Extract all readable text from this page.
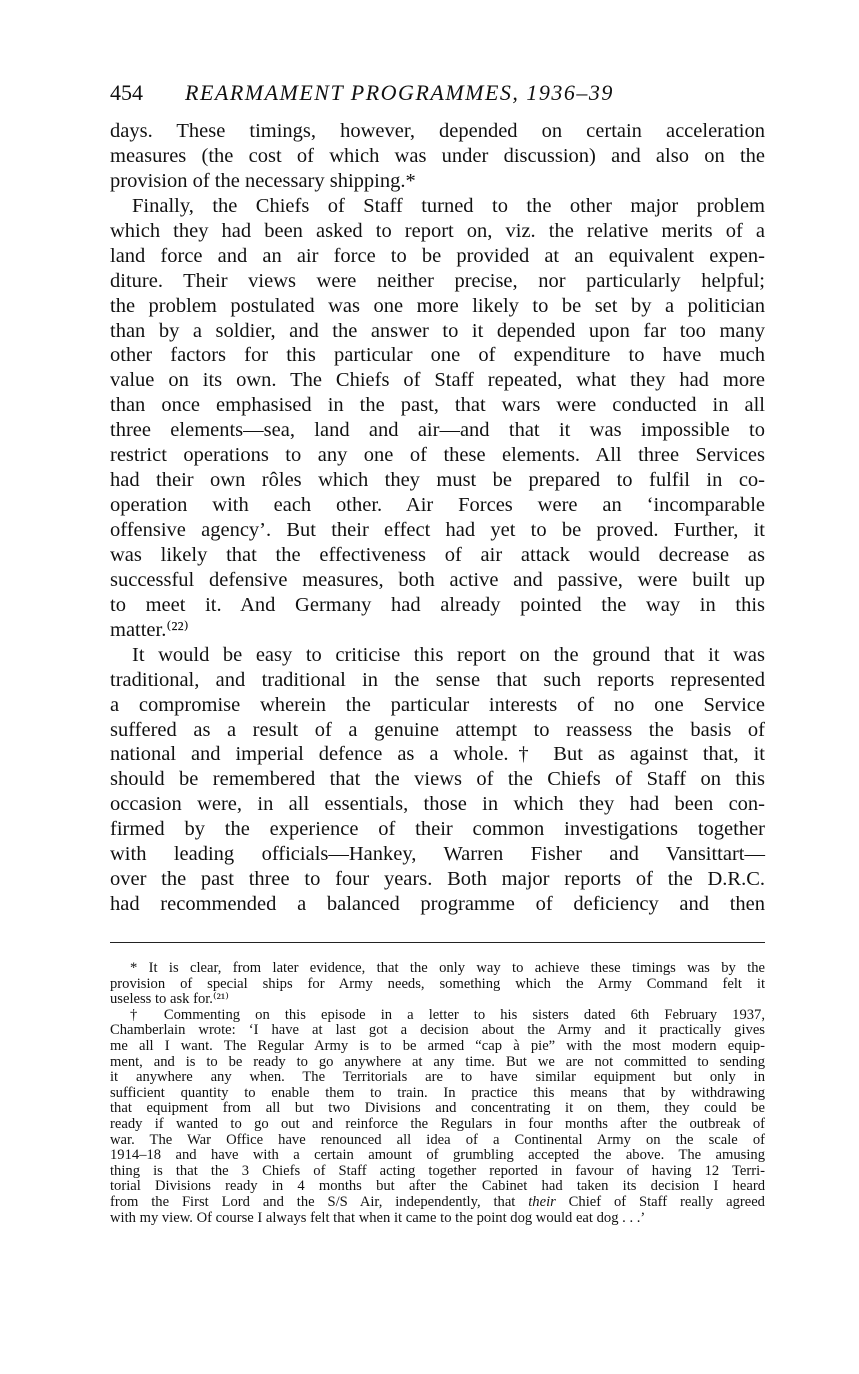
454 REARMAMENT PROGRAMMES, 1936–39
days. These timings, however, depended on certain acceleration
measures (the cost of which was under discussion) and also on the
provision of the necessary shipping.*
Finally, the Chiefs of Staff turned to the other major problem
which they had been asked to report on, viz. the relative merits of a
land force and an air force to be provided at an equivalent expen-
diture. Their views were neither precise, nor particularly helpful;
the problem postulated was one more likely to be set by a politician
than by a soldier, and the answer to it depended upon far too many
other factors for this particular one of expenditure to have much
value on its own. The Chiefs of Staff repeated, what they had more
than once emphasised in the past, that wars were conducted in all
three elements—sea, land and air—and that it was impossible to
restrict operations to any one of these elements. All three Services
had their own rôles which they must be prepared to fulfil in co-
operation with each other. Air Forces were an ‘incomparable
offensive agency’. But their effect had yet to be proved. Further, it
was likely that the effectiveness of air attack would decrease as
successful defensive measures, both active and passive, were built up
to meet it. And Germany had already pointed the way in this
matter.⁽²²⁾
It would be easy to criticise this report on the ground that it was
traditional, and traditional in the sense that such reports represented
a compromise wherein the particular interests of no one Service
suffered as a result of a genuine attempt to reassess the basis of
national and imperial defence as a whole.† But as against that, it
should be remembered that the views of the Chiefs of Staff on this
occasion were, in all essentials, those in which they had been con-
firmed by the experience of their common investigations together
with leading officials—Hankey, Warren Fisher and Vansittart—
over the past three to four years. Both major reports of the D.R.C.
had recommended a balanced programme of deficiency and then
* It is clear, from later evidence, that the only way to achieve these timings was by the
provision of special ships for Army needs, something which the Army Command felt it
useless to ask for.⁽²¹⁾
† Commenting on this episode in a letter to his sisters dated 6th February 1937,
Chamberlain wrote: ‘I have at last got a decision about the Army and it practically gives
me all I want. The Regular Army is to be armed “cap à pie” with the most modern equip-
ment, and is to be ready to go anywhere at any time. But we are not committed to sending
it anywhere any when. The Territorials are to have similar equipment but only in
sufficient quantity to enable them to train. In practice this means that by withdrawing
that equipment from all but two Divisions and concentrating it on them, they could be
ready if wanted to go out and reinforce the Regulars in four months after the outbreak of
war. The War Office have renounced all idea of a Continental Army on the scale of
1914–18 and have with a certain amount of grumbling accepted the above. The amusing
thing is that the 3 Chiefs of Staff acting together reported in favour of having 12 Terri-
torial Divisions ready in 4 months but after the Cabinet had taken its decision I heard
from the First Lord and the S/S Air, independently, that their Chief of Staff really agreed
with my view. Of course I always felt that when it came to the point dog would eat dog . . .’
